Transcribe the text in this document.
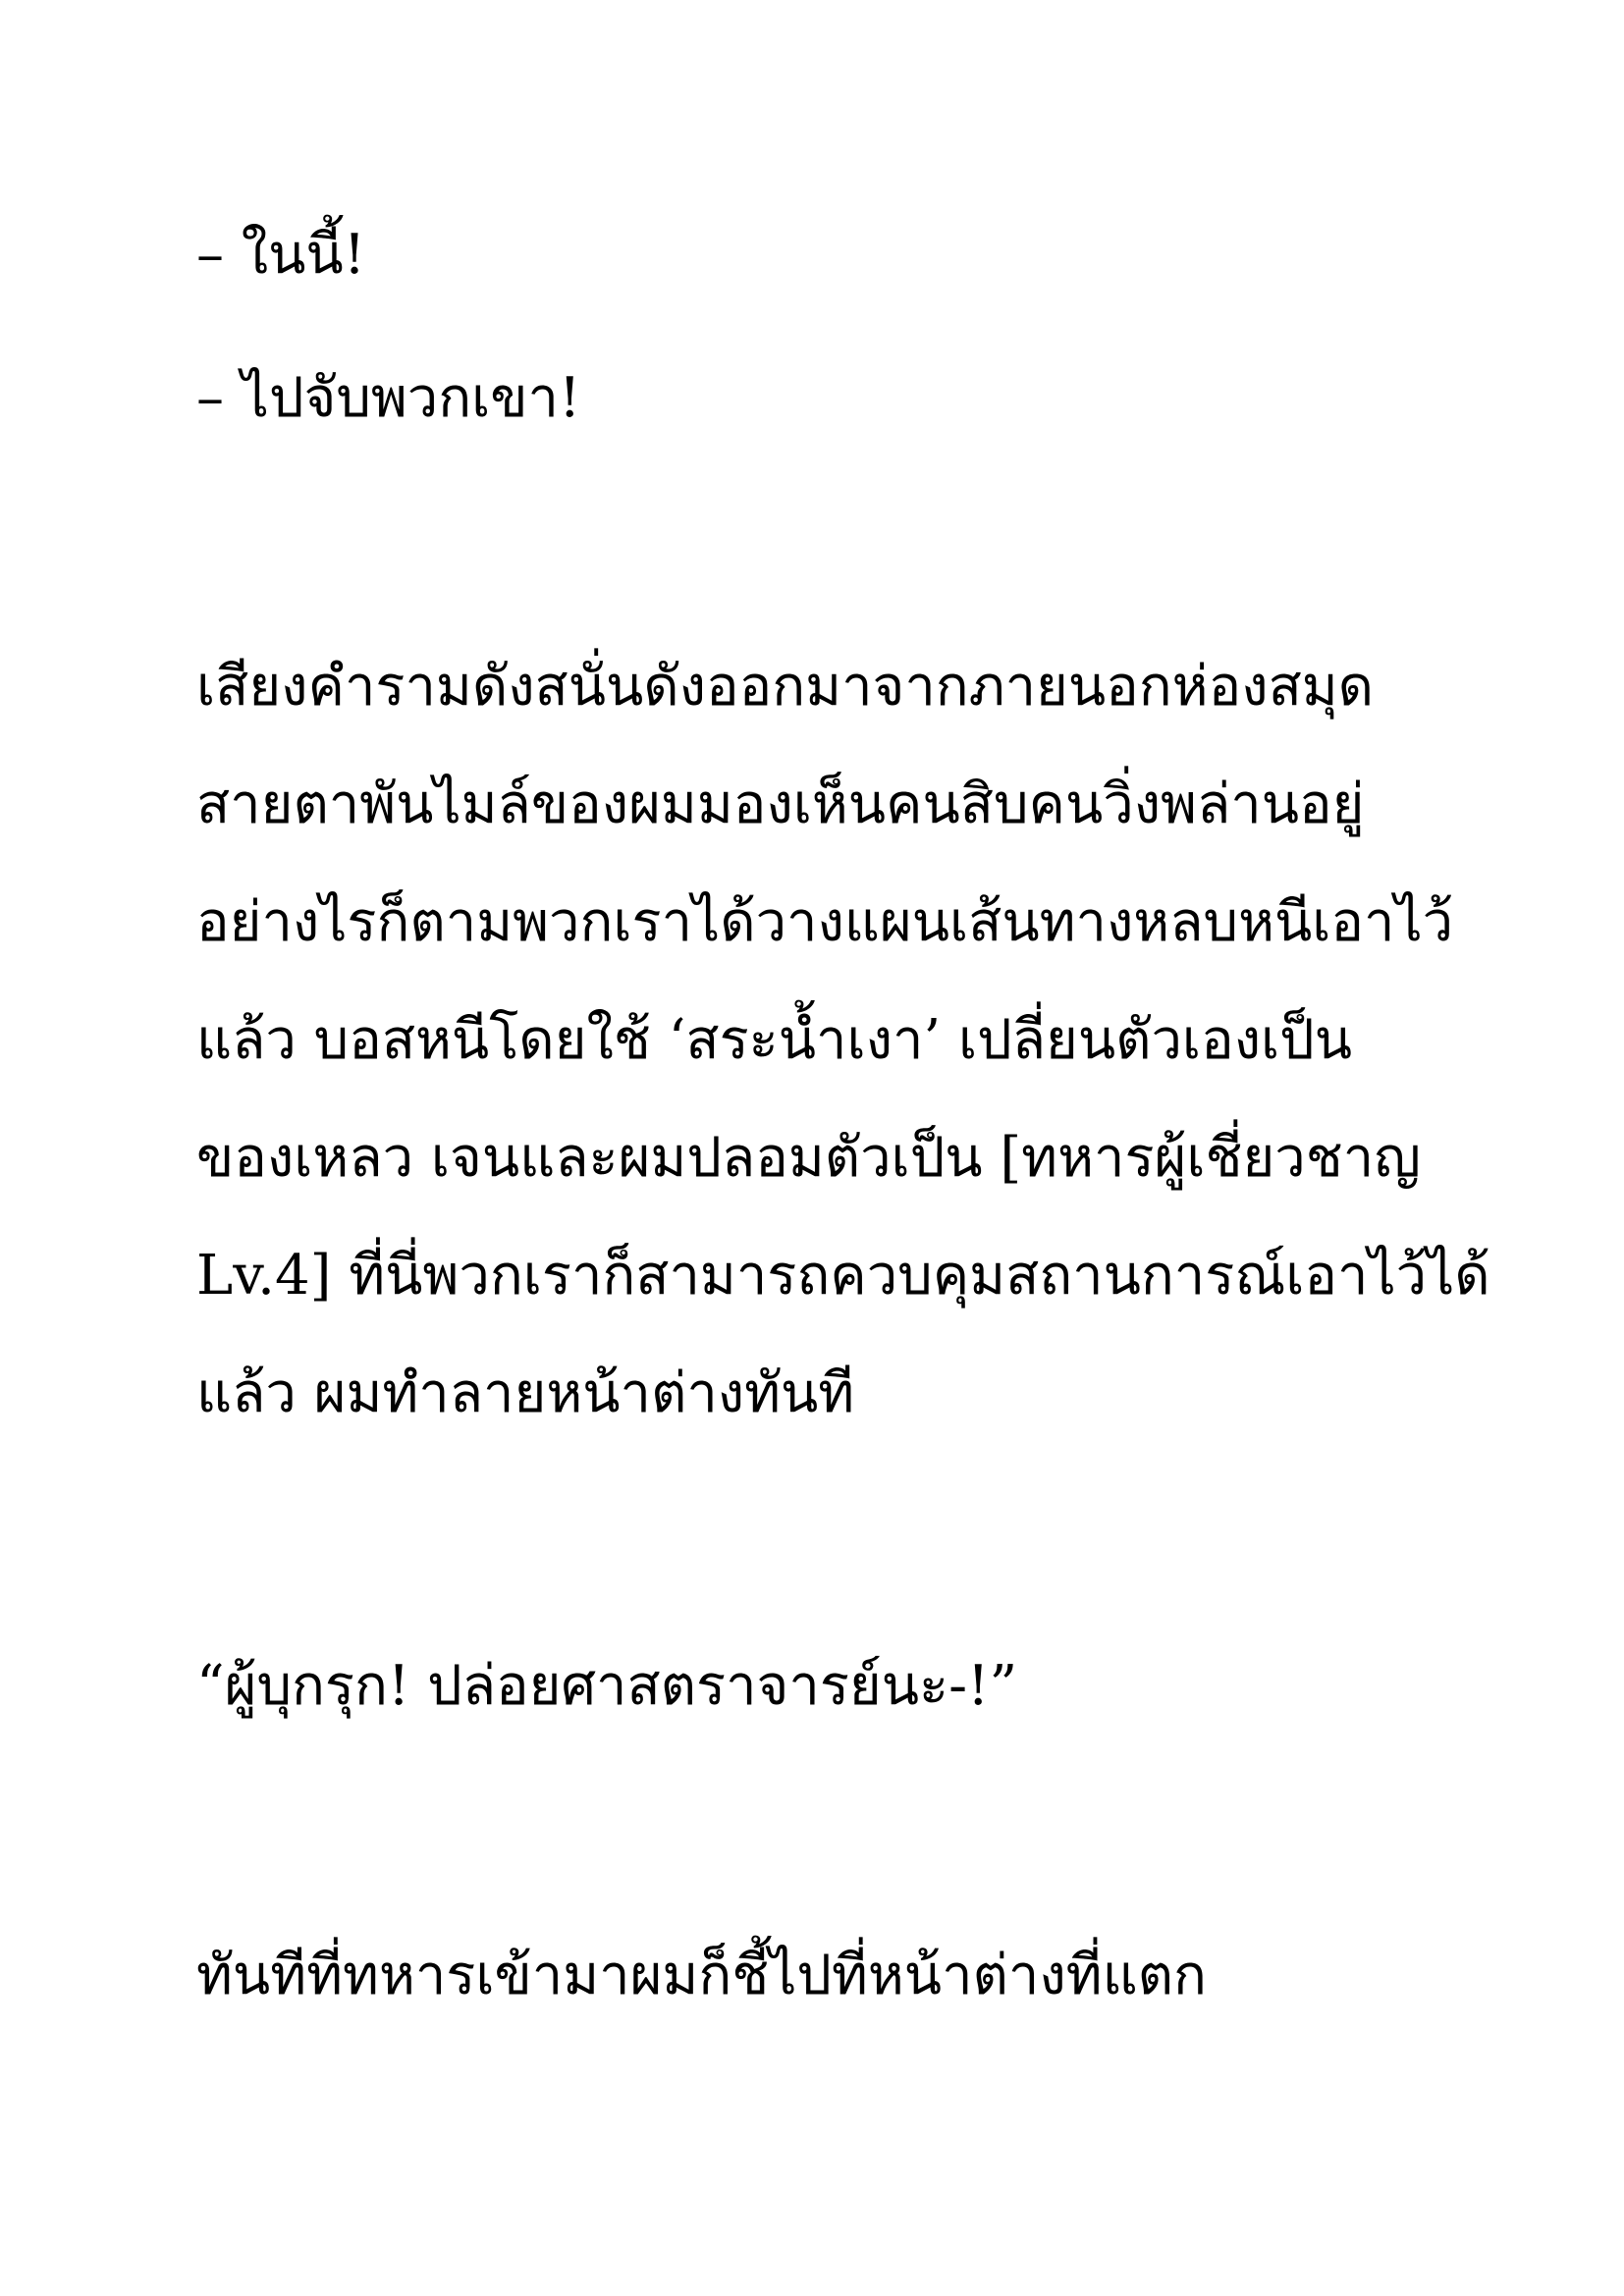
– ในนี้!

– ไปจับพวกเขา!

เสียงคำรามดังสนั่นดังออกมาจากภายนอกห่องสมุด

สายตาพันไมล์ของผมมองเห็นคนสิบคนวิ่งพล่านอยู่

อย่างไรก็ตามพวกเราได้วางแผนเส้นทางหลบหนีเอาไว้

แล้ว บอสหนีโดยใช้ ‘สระน้ำเงา’ เปลี่ยนตัวเองเป็น

ของเหลว เจนและผมปลอมตัวเป็น [ทหารผู้เชี่ยวชาญ

Lv.4] ที่นี่พวกเราก็สามารถควบคุมสถานการณ์เอาไว้ได้

แล้ว ผมทำลายหน้าต่างทันที

“ผู้บุกรุก! ปล่อยศาสตราจารย์นะ-!”

ทันทีที่ทหารเข้ามาผมก็ชี้ไปที่หน้าต่างที่แตก
